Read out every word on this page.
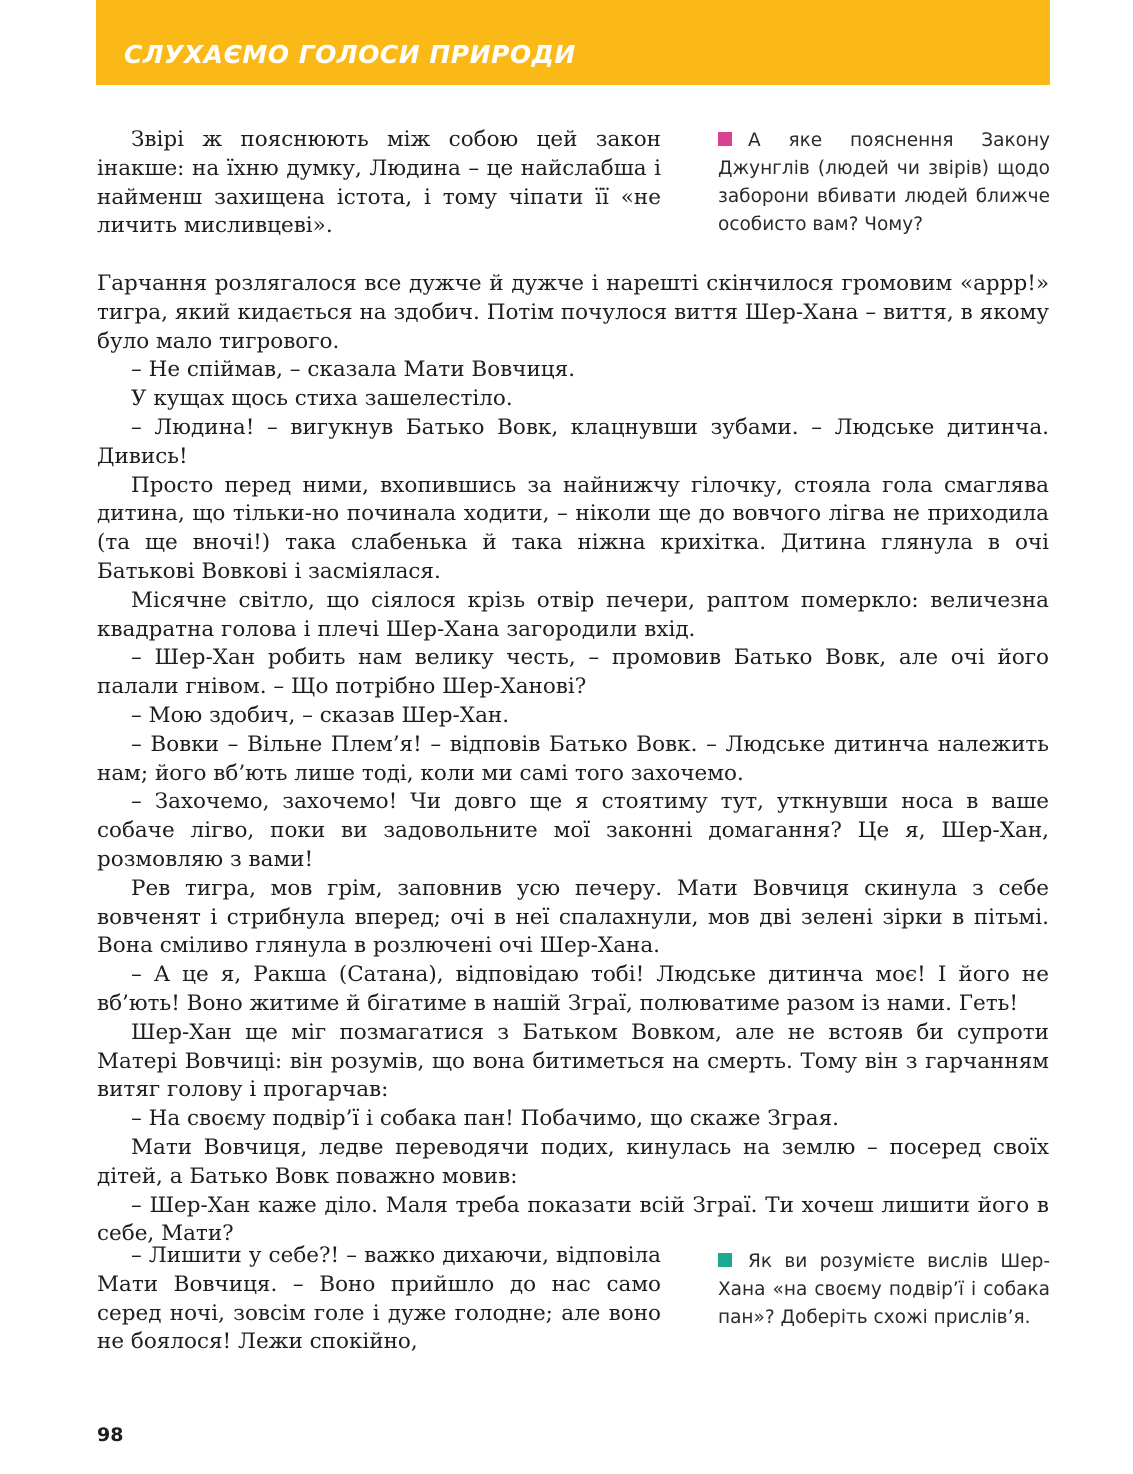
СЛУХАЄМО ГОЛОСИ ПРИРОДИ

Звірі ж пояснюють між собою цей закон інакше: на їхню думку, Людина – це найслабша і найменш захищена істота, і тому чіпати її «не личить мисливцеві».

А яке пояснення Закону Джунглів (людей чи звірів) щодо заборони вбивати людей ближче особисто вам? Чому?

Гарчання розлягалося все дужче й дужче і нарешті скінчилося громовим «аррр!» тигра, який кидається на здобич. Потім почулося виття Шер-Хана – виття, в якому було мало тигрового.

– Не спіймав, – сказала Мати Вовчиця.

У кущах щось стиха зашелестіло.

– Людина! – вигукнув Батько Вовк, клацнувши зубами. – Людське дитинча. Дивись!

Просто перед ними, вхопившись за найнижчу гілочку, стояла гола смаглява дитина, що тільки-но починала ходити, – ніколи ще до вовчого лігва не приходила (та ще вночі!) така слабенька й така ніжна крихітка. Дитина глянула в очі Батькові Вовкові і засміялася.

Місячне світло, що сіялося крізь отвір печери, раптом померкло: величезна квадратна голова і плечі Шер-Хана загородили вхід.

– Шер-Хан робить нам велику честь, – промовив Батько Вовк, але очі його палали гнівом. – Що потрібно Шер-Ханові?

– Мою здобич, – сказав Шер-Хан.

– Вовки – Вільне Плем’я! – відповів Батько Вовк. – Людське дитинча належить нам; його вб’ють лише тоді, коли ми самі того захочемо.

– Захочемо, захочемо! Чи довго ще я стоятиму тут, уткнувши носа в ваше собаче лігво, поки ви задовольните мої законні домагання? Це я, Шер-Хан, розмовляю з вами!

Рев тигра, мов грім, заповнив усю печеру. Мати Вовчиця скинула з себе вовченят і стрибнула вперед; очі в неї спалахнули, мов дві зелені зірки в пітьмі. Вона сміливо глянула в розлючені очі Шер-Хана.

– А це я, Ракша (Сатана), відповідаю тобі! Людське дитинча моє! І його не вб’ють! Воно житиме й бігатиме в нашій Зграї, полюватиме разом із нами. Геть!

Шер-Хан ще міг позмагатися з Батьком Вовком, але не встояв би супроти Матері Вовчиці: він розумів, що вона битиметься на смерть. Тому він з гарчанням витяг голову і прогарчав:

– На своєму подвір’ї і собака пан! Побачимо, що скаже Зграя.

Мати Вовчиця, ледве переводячи подих, кинулась на землю – посеред своїх дітей, а Батько Вовк поважно мовив:

– Шер-Хан каже діло. Маля треба показати всій Зграї. Ти хочеш лишити його в себе, Мати?

– Лишити у себе?! – важко дихаючи, відповіла Мати Вовчиця. – Воно прийшло до нас само серед ночі, зовсім голе і дуже голодне; але воно не боялося! Лежи спокійно,

Як ви розумієте вислів Шер-Хана «на своєму подвір’ї і собака пан»? Доберіть схожі прислів’я.
98
